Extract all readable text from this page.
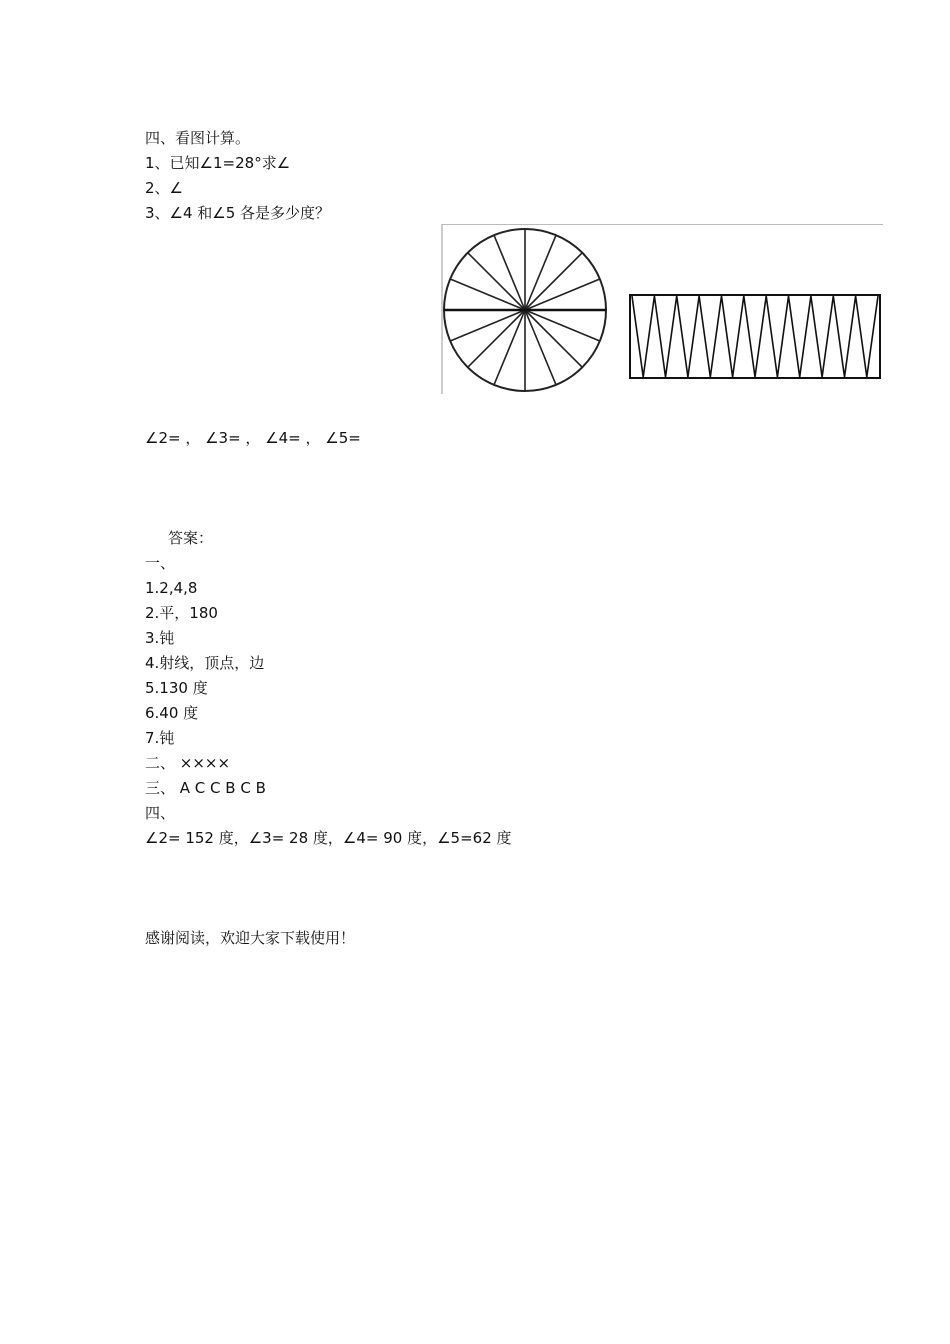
四、看图计算。
1、已知∠1=28°求∠
2、∠
3、∠4 和∠5 各是多少度？
∠2= ， ∠3= ， ∠4= ， ∠5=
答案：
一、
1.2,4,8
2.平，180
3.钝
4.射线，顶点，边
5.130 度
6.40 度
7.钝
二、 ××××
三、 A C C B C B
四、
∠2= 152 度，∠3= 28 度，∠4= 90 度，∠5=62 度
感谢阅读，欢迎大家下载使用！
